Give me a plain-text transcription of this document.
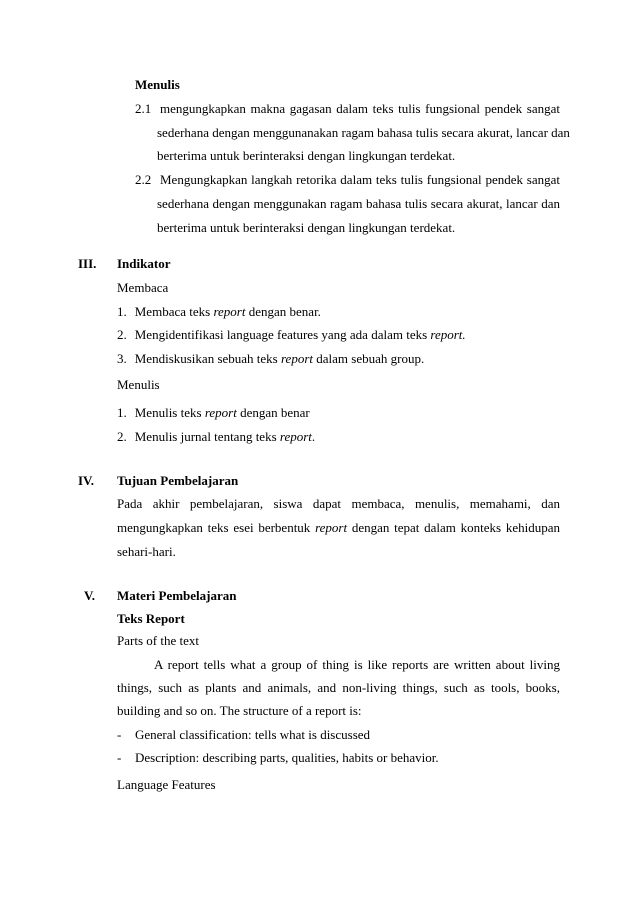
Menulis
2.1 mengungkapkan makna gagasan dalam teks tulis fungsional pendek sangat
sederhana dengan menggunanakan ragam bahasa tulis secara akurat, lancar dan
berterima untuk berinteraksi dengan lingkungan terdekat.
2.2 Mengungkapkan langkah retorika dalam teks tulis fungsional pendek sangat
sederhana dengan menggunakan ragam bahasa tulis secara akurat, lancar dan
berterima untuk berinteraksi dengan lingkungan terdekat.
III. Indikator
Membaca
1. Membaca teks report dengan benar.
2. Mengidentifikasi language features yang ada dalam teks report.
3. Mendiskusikan sebuah teks report dalam sebuah group.
Menulis
1. Menulis teks report dengan benar
2. Menulis jurnal tentang teks report.
IV. Tujuan Pembelajaran
Pada akhir pembelajaran, siswa dapat membaca, menulis, memahami, dan
mengungkapkan teks esei berbentuk report dengan tepat dalam konteks kehidupan
sehari-hari.
V. Materi Pembelajaran
Teks Report
Parts of the text
A report tells what a group of thing is like reports are written about living
things, such as plants and animals, and non-living things, such as tools, books,
building and so on. The structure of a report is:
- General classification: tells what is discussed
- Description: describing parts, qualities, habits or behavior.
Language Features
